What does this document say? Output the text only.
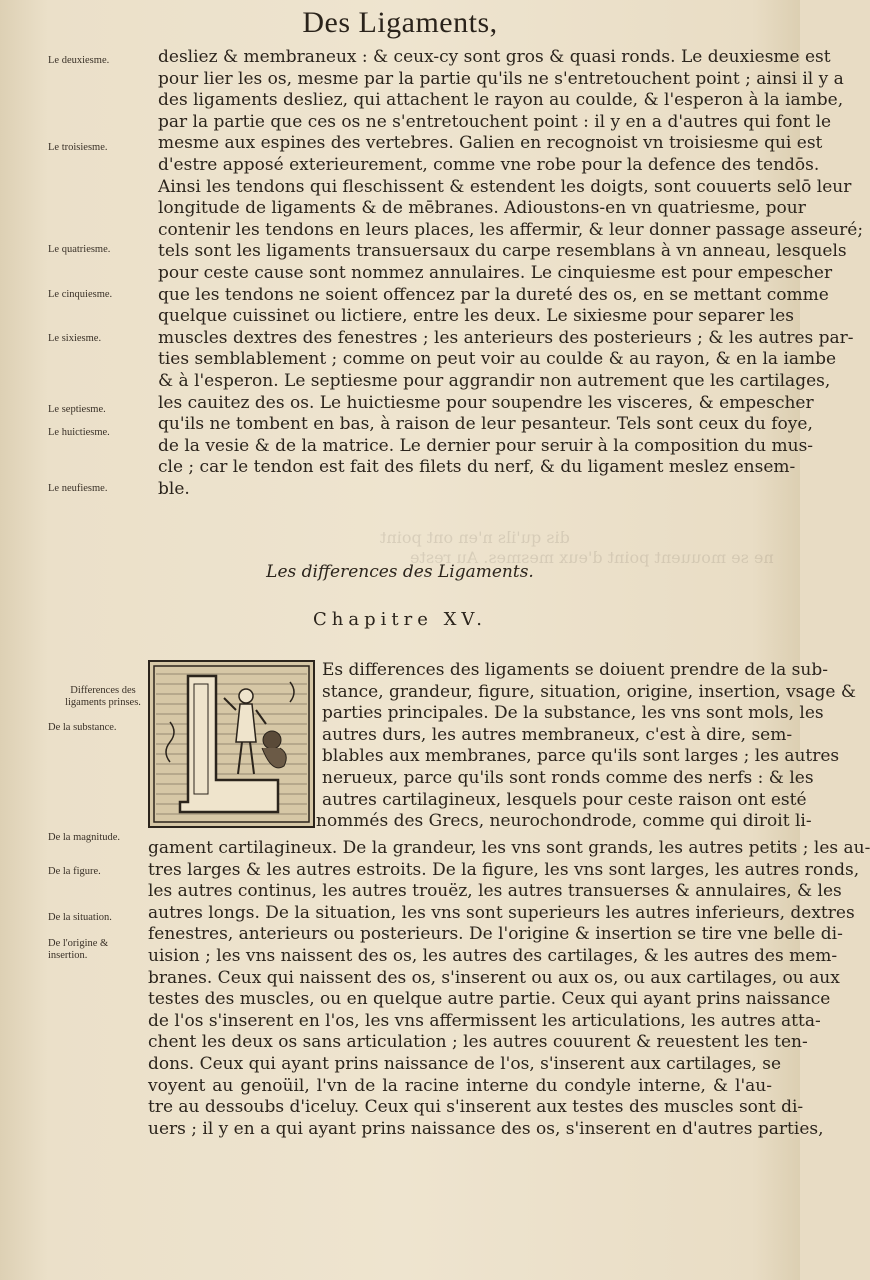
dis qu'ils n'en ont point
ne se mouuent point d'eux mesmes. Au reste
Des Ligaments,
Le deuxiesme.
Le troisiesme.
Le quatriesme.
Le cinquiesme.
Le sixiesme.
Le septiesme.
Le huictiesme.
Le neufiesme.
Differences des ligaments prinses.
De la substance.
De la magnitude.
De la figure.
De la situation.
De l'origine & insertion.
desliez & membraneux : & ceux-cy sont gros & quasi ronds. Le deuxiesme est
pour lier les os, mesme par la partie qu'ils ne s'entretouchent point ; ainsi il y a
des ligaments desliez, qui attachent le rayon au coulde, & l'esperon à la iambe,
par la partie que ces os ne s'entretouchent point : il y en a d'autres qui font le
mesme aux espines des vertebres. Galien en recognoist vn troisiesme qui est
d'estre apposé exterieurement, comme vne robe pour la defence des tendōs.
Ainsi les tendons qui fleschissent & estendent les doigts, sont couuerts selō leur
longitude de ligaments & de mēbranes. Adioustons-en vn quatriesme, pour
contenir les tendons en leurs places, les affermir, & leur donner passage asseuré;
tels sont les ligaments transuersaux du carpe resemblans à vn anneau, lesquels
pour ceste cause sont nommez annulaires. Le cinquiesme est pour empescher
que les tendons ne soient offencez par la dureté des os, en se mettant comme
quelque cuissinet ou lictiere, entre les deux. Le sixiesme pour separer les
muscles dextres des fenestres ; les anterieurs des posterieurs ; & les autres par-
ties semblablement ; comme on peut voir au coulde & au rayon, & en la iambe
& à l'esperon. Le septiesme pour aggrandir non autrement que les cartilages,
les cauitez des os. Le huictiesme pour soupendre les visceres, & empescher
qu'ils ne tombent en bas, à raison de leur pesanteur. Tels sont ceux du foye,
de la vesie & de la matrice. Le dernier pour seruir à la composition du mus-
cle ; car le tendon est fait des filets du nerf, & du ligament meslez ensem-
ble.
Les differences des Ligaments.
Chapitre XV.
Es differences des ligaments se doiuent prendre de la sub-
stance, grandeur, figure, situation, origine, insertion, vsage &
parties principales. De la substance, les vns sont mols, les
autres durs, les autres membraneux, c'est à dire, sem-
blables aux membranes, parce qu'ils sont larges ; les autres
nerueux, parce qu'ils sont ronds comme des nerfs : & les
autres cartilagineux, lesquels pour ceste raison ont esté
nommés des Grecs, neurochondrode, comme qui diroit li-
gament cartilagineux. De la grandeur, les vns sont grands, les autres petits ; les au-
tres larges & les autres estroits. De la figure, les vns sont larges, les autres ronds,
les autres continus, les autres trouëz, les autres transuerses & annulaires, & les
autres longs. De la situation, les vns sont superieurs les autres inferieurs, dextres
fenestres, anterieurs ou posterieurs. De l'origine & insertion se tire vne belle di-
uision ; les vns naissent des os, les autres des cartilages, & les autres des mem-
branes. Ceux qui naissent des os, s'inserent ou aux os, ou aux cartilages, ou aux
testes des muscles, ou en quelque autre partie. Ceux qui ayant prins naissance
de l'os s'inserent en l'os, les vns affermissent les articulations, les autres atta-
chent les deux os sans articulation ; les autres couurent & reuestent les ten-
dons. Ceux qui ayant prins naissance de l'os, s'inserent aux cartilages, se
voyent au genoüil, l'vn de la racine interne du condyle interne, & l'au-
tre au dessoubs d'iceluy. Ceux qui s'inserent aux testes des muscles sont di-
uers ; il y en a qui ayant prins naissance des os, s'inserent en d'autres parties,
